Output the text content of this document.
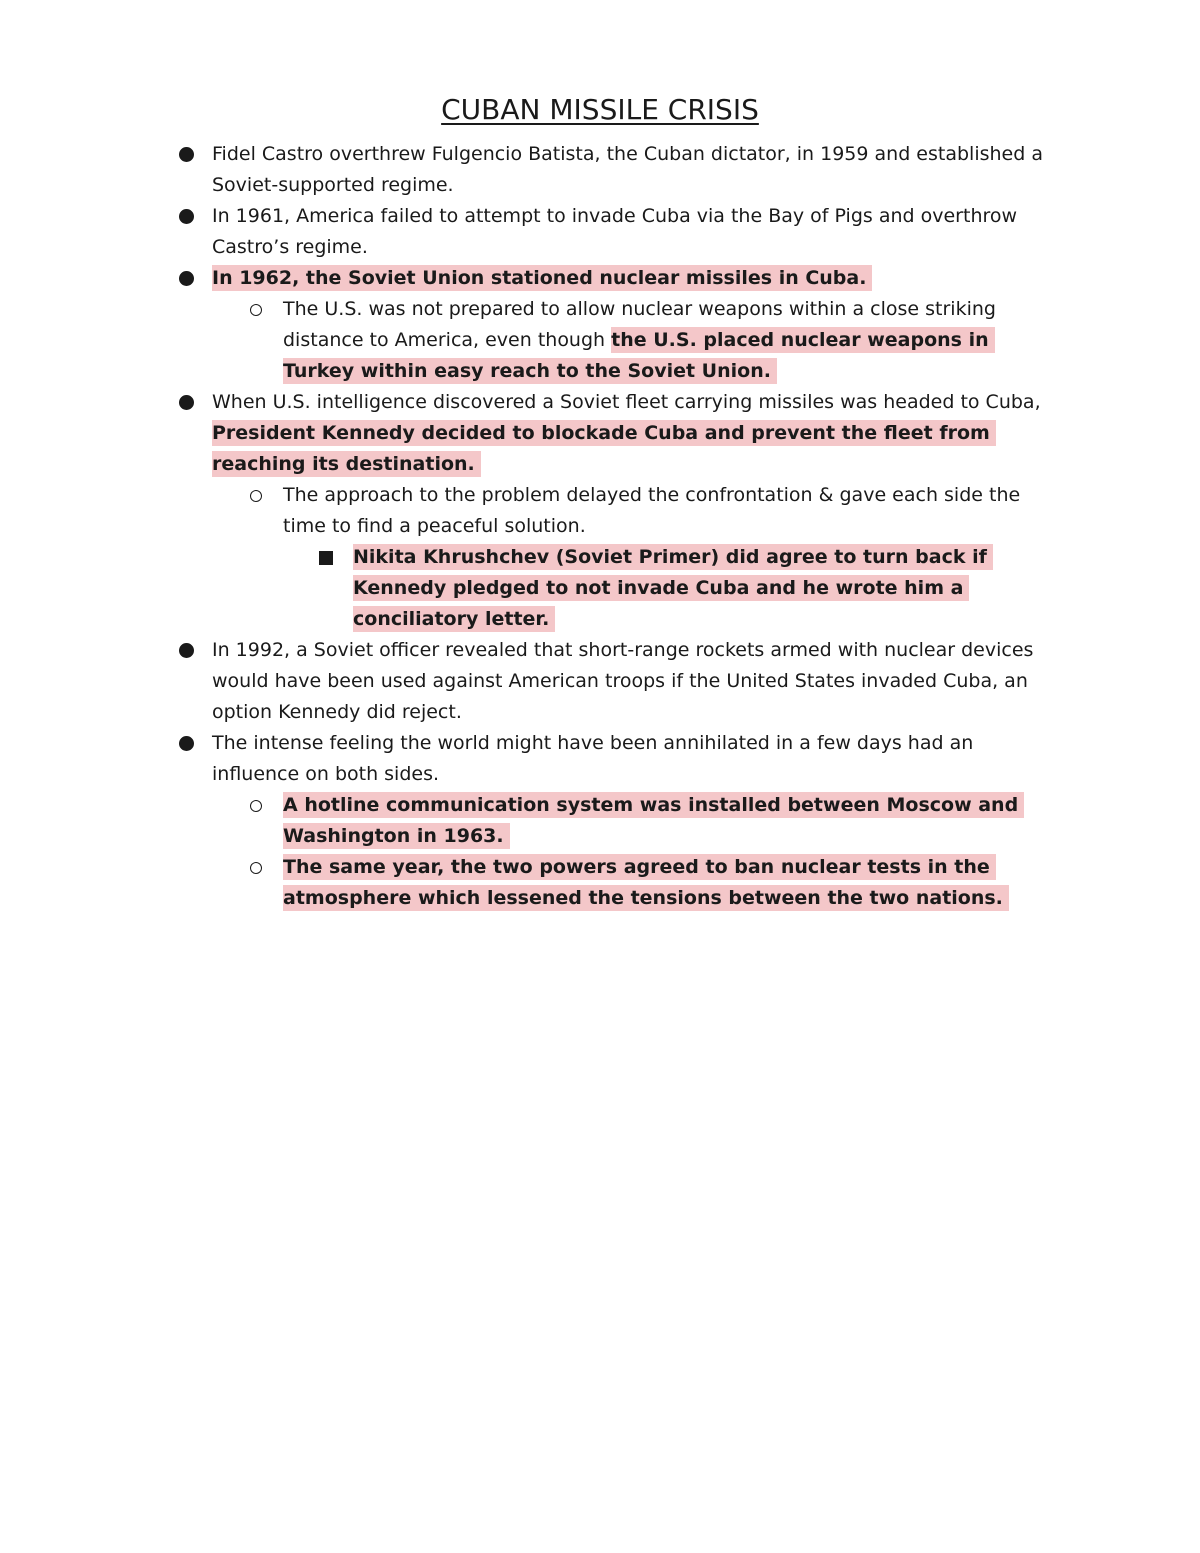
CUBAN MISSILE CRISIS

Fidel Castro overthrew Fulgencio Batista, the Cuban dictator, in 1959 and established a Soviet-supported regime.

In 1961, America failed to attempt to invade Cuba via the Bay of Pigs and overthrow Castro’s regime.

In 1962, the Soviet Union stationed nuclear missiles in Cuba.

The U.S. was not prepared to allow nuclear weapons within a close striking distance to America, even though the U.S. placed nuclear weapons in Turkey within easy reach to the Soviet Union.

When U.S. intelligence discovered a Soviet fleet carrying missiles was headed to Cuba, President Kennedy decided to blockade Cuba and prevent the fleet from reaching its destination.

The approach to the problem delayed the confrontation & gave each side the time to find a peaceful solution.

Nikita Khrushchev (Soviet Primer) did agree to turn back if Kennedy pledged to not invade Cuba and he wrote him a conciliatory letter.

In 1992, a Soviet officer revealed that short-range rockets armed with nuclear devices would have been used against American troops if the United States invaded Cuba, an option Kennedy did reject.

The intense feeling the world might have been annihilated in a few days had an influence on both sides.

A hotline communication system was installed between Moscow and Washington in 1963.

The same year, the two powers agreed to ban nuclear tests in the atmosphere which lessened the tensions between the two nations.
